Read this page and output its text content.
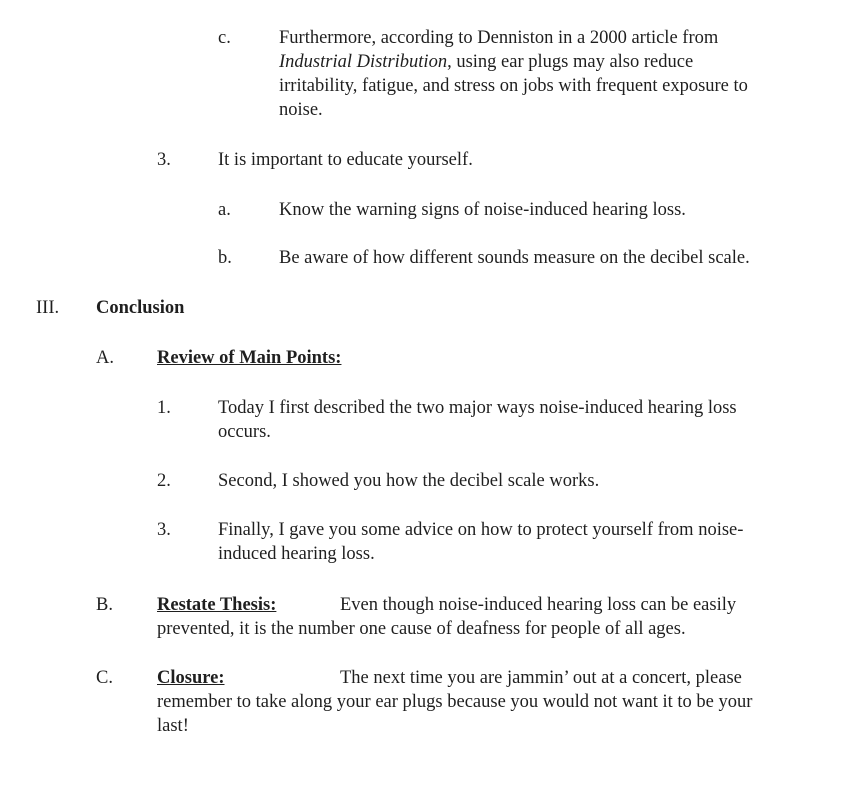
c.	Furthermore, according to Denniston in a 2000 article from
Industrial Distribution, using ear plugs may also reduce
irritability, fatigue, and stress on jobs with frequent exposure to
noise.
3.	It is important to educate yourself.
a.	Know the warning signs of noise-induced hearing loss.
b.	Be aware of how different sounds measure on the decibel scale.
III. Conclusion
A. Review of Main Points:
1.	Today I first described the two major ways noise-induced hearing loss
occurs.
2.	Second, I showed you how the decibel scale works.
3.	Finally, I gave you some advice on how to protect yourself from noise-
induced hearing loss.
B. Restate Thesis:	Even though noise-induced hearing loss can be easily
prevented, it is the number one cause of deafness for people of all ages.
C. Closure:	The next time you are jammin’ out at a concert, please
remember to take along your ear plugs because you would not want it to be your
last!
